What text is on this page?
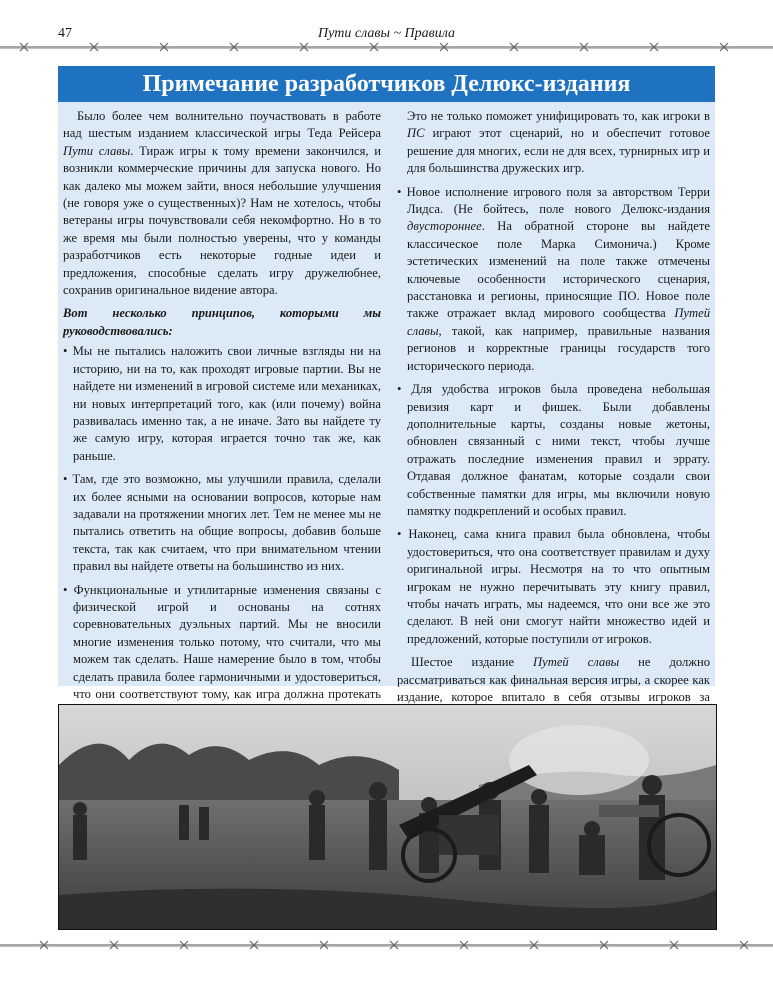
47	Пути славы ~ Правила
Примечание разработчиков Делюкс-издания

Было более чем волнительно поучаствовать в работе над шестым изданием классической игры Теда Рейсера Пути славы. Тираж игры к тому времени закончился, и возникли коммерческие причины для запуска нового. Но как далеко мы можем зайти, внося небольшие улучшения (не говоря уже о существенных)? Нам не хотелось, чтобы ветераны игры почувствовали себя некомфортно. Но в то же время мы были полностью уверены, что у команды разработчиков есть некоторые годные идеи и предложения, способные сделать игру дружелюбнее, сохранив оригинальное видение автора.

Вот несколько принципов, которыми мы руководствовались:

• Мы не пытались наложить свои личные взгляды ни на историю, ни на то, как проходят игровые партии. Вы не найдете ни изменений в игровой системе или механиках, ни новых интерпретаций того, как (или почему) война развивалась именно так, а не иначе. Зато вы найдете ту же самую игру, которая играется точно так же, как раньше.

• Там, где это возможно, мы улучшили правила, сделали их более ясными на основании вопросов, которые нам задавали на протяжении многих лет. Тем не менее мы не пытались ответить на общие вопросы, добавив больше текста, так как считаем, что при внимательном чтении правил вы найдете ответы на большинство из них.

• Функциональные и утилитарные изменения связаны с физической игрой и основаны на сотнях соревновательных дуэльных партий. Мы не вносили многие изменения только потому, что считали, что мы можем так сделать. Наше намерение было в том, чтобы сделать правила более гармоничными и удостовериться, что они соответствуют тому, как игра должна протекать

Это не только поможет унифицировать то, как игроки в ПС играют этот сценарий, но и обеспечит готовое решение для многих, если не для всех, турнирных игр и для большинства дружеских игр.

• Новое исполнение игрового поля за авторством Терри Лидса. (Не бойтесь, поле нового Делюкс-издания двустороннее. На обратной стороне вы найдете классическое поле Марка Симонича.) Кроме эстетических изменений на поле также отмечены ключевые особенности исторического сценария, расстановка и регионы, приносящие ПО. Новое поле также отражает вклад мирового сообщества Путей славы, такой, как например, правильные названия регионов и корректные границы государств того исторического периода.

• Для удобства игроков была проведена небольшая ревизия карт и фишек. Были добавлены дополнительные карты, созданы новые жетоны, обновлен связанный с ними текст, чтобы лучше отражать последние изменения правил и эррату. Отдавая должное фанатам, которые создали свои собственные памятки для игры, мы включили новую памятку подкреплений и особых правил.

• Наконец, сама книга правил была обновлена, чтобы удостовериться, что она соответствует правилам и духу оригинальной игры. Несмотря на то что опытным игрокам не нужно перечитывать эту книгу правил, чтобы начать играть, мы надеемся, что они все же это сделают. В ней они смогут найти множество идей и предложений, которые поступили от игроков.

Шестое издание Путей славы не должно рассматриваться как финальная версия игры, а скорее как издание, которое впитало в себя отзывы игроков за
